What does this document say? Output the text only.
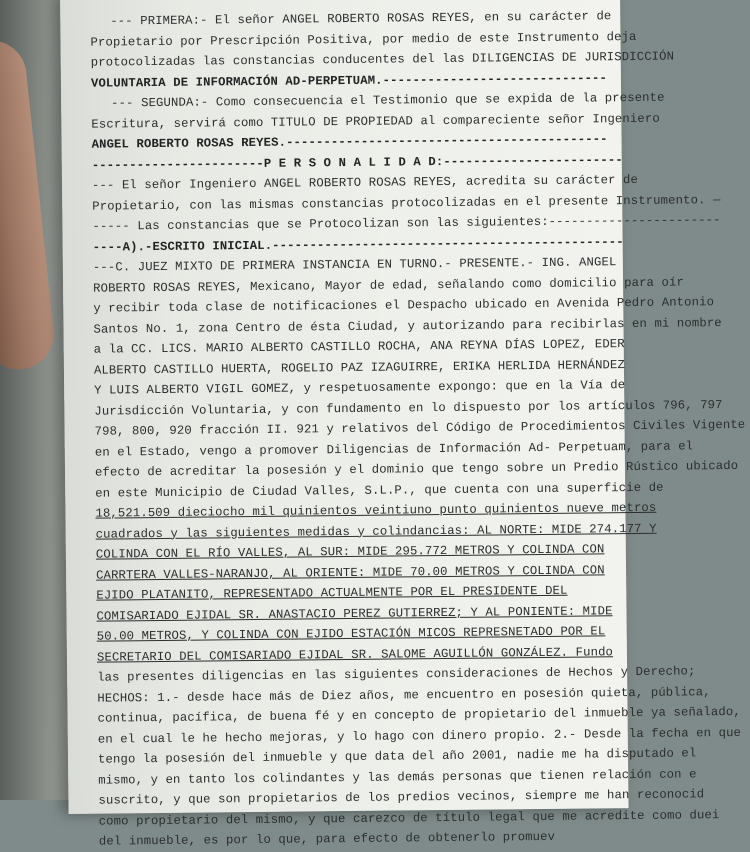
--- PRIMERA:- El señor ANGEL ROBERTO ROSAS REYES, en su carácter de
Propietario por Prescripción Positiva, por medio de este Instrumento deja
protocolizadas las constancias conducentes del las DILIGENCIAS DE JURISDICCIÓN
VOLUNTARIA DE INFORMACIÓN AD-PERPETUAM.------------------------------
--- SEGUNDA:- Como consecuencia el Testimonio que se expida de la presente
Escritura, servirá como TITULO DE PROPIEDAD al compareciente señor Ingeniero
ANGEL ROBERTO ROSAS REYES.-------------------------------------------
-----------------------P E R S O N A L I D A D:------------------------
--- El señor Ingeniero ANGEL ROBERTO ROSAS REYES, acredita su carácter de
Propietario, con las mismas constancias protocolizadas en el presente Instrumento. —
----- Las constancias que se Protocolizan son las siguientes:-----------------------
----A).-ESCRITO INICIAL.-----------------------------------------------
---C. JUEZ MIXTO DE PRIMERA INSTANCIA EN TURNO.- PRESENTE.- ING. ANGEL
ROBERTO ROSAS REYES, Mexicano, Mayor de edad, señalando como domicilio para oír
y recibir toda clase de notificaciones el Despacho ubicado en Avenida Pedro Antonio
Santos No. 1, zona Centro de ésta Ciudad, y autorizando para recibirlas en mi nombre
a la CC. LICS. MARIO ALBERTO CASTILLO ROCHA, ANA REYNA DÍAS LOPEZ, EDER
ALBERTO CASTILLO HUERTA, ROGELIO PAZ IZAGUIRRE, ERIKA HERLIDA HERNÁNDEZ
Y LUIS ALBERTO VIGIL GOMEZ, y respetuosamente expongo: que en la Vía de
Jurisdicción Voluntaria, y con fundamento en lo dispuesto por los artículos 796, 797
798, 800, 920 fracción II. 921 y relativos del Código de Procedimientos Civiles Vigente
en el Estado, vengo a promover Diligencias de Información Ad- Perpetuam, para el
efecto de acreditar la posesión y el dominio que tengo sobre un Predio Rústico ubicado
en este Municipio de Ciudad Valles, S.L.P., que cuenta con una superficie de
18,521.509 dieciocho mil quinientos veintiuno punto quinientos nueve metros
cuadrados y las siguientes medidas y colindancias: AL NORTE: MIDE 274.177 Y
COLINDA CON EL RÍO VALLES, AL SUR: MIDE 295.772 METROS Y COLINDA CON
CARRTERA VALLES-NARANJO, AL ORIENTE: MIDE 70.00 METROS Y COLINDA CON
EJIDO PLATANITO, REPRESENTADO ACTUALMENTE POR EL PRESIDENTE DEL
COMISARIADO EJIDAL SR. ANASTACIO PEREZ GUTIERREZ; Y AL PONIENTE: MIDE
50.00 METROS, Y COLINDA CON EJIDO ESTACIÓN MICOS REPRESNETADO POR EL
SECRETARIO DEL COMISARIADO EJIDAL SR. SALOME AGUILLÓN GONZÁLEZ. Fundo
las presentes diligencias en las siguientes consideraciones de Hechos y Derecho;
HECHOS: 1.- desde hace más de Diez años, me encuentro en posesión quieta, pública,
continua, pacífica, de buena fé y en concepto de propietario del inmueble ya señalado,
en el cual le he hecho mejoras, y lo hago con dinero propio. 2.- Desde la fecha en que
tengo la posesión del inmueble y que data del año 2001, nadie me ha disputado el
mismo, y en tanto los colindantes y las demás personas que tienen relación con e
suscrito, y que son propietarios de los predios vecinos, siempre me han reconocid
como propietario del mismo, y que carezco de título legal que me acredite como duei
del inmueble, es por lo que, para efecto de obtenerlo promuev
